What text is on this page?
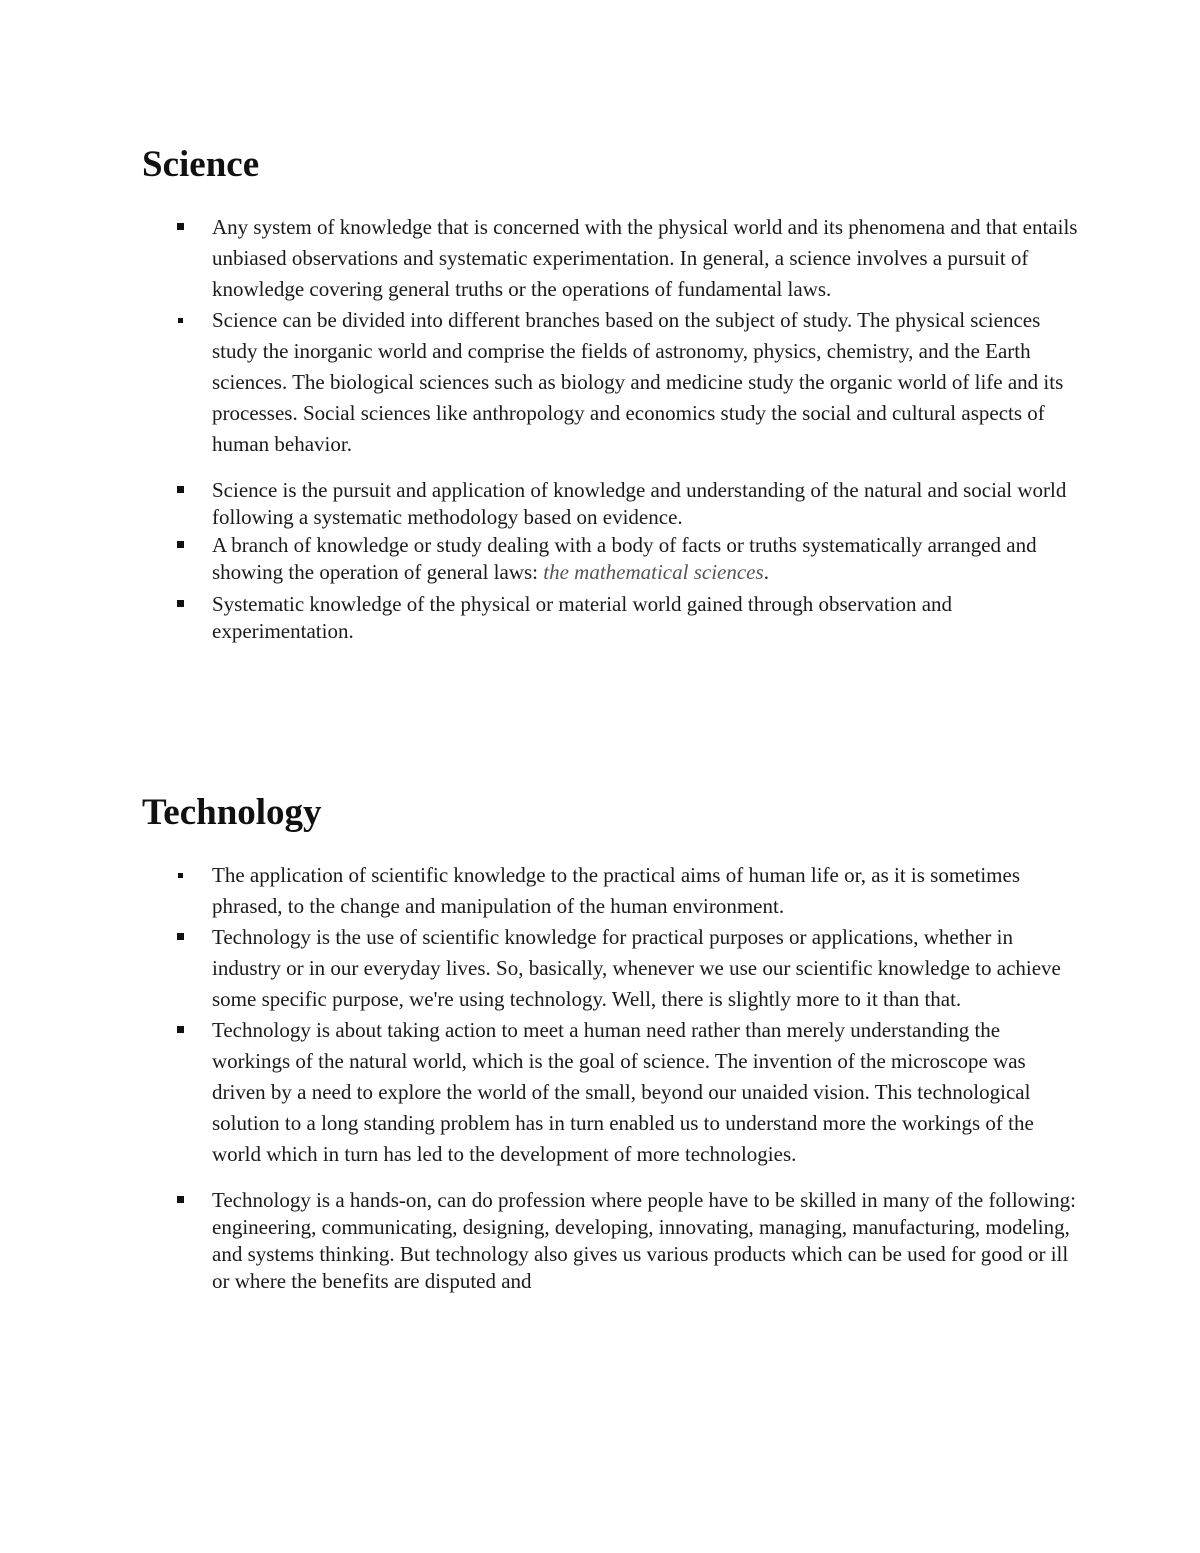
Science
Any system of knowledge that is concerned with the physical world and its phenomena and that entails unbiased observations and systematic experimentation. In general, a science involves a pursuit of knowledge covering general truths or the operations of fundamental laws.
Science can be divided into different branches based on the subject of study. The physical sciences study the inorganic world and comprise the fields of astronomy, physics, chemistry, and the Earth sciences. The biological sciences such as biology and medicine study the organic world of life and its processes. Social sciences like anthropology and economics study the social and cultural aspects of human behavior.
Science is the pursuit and application of knowledge and understanding of the natural and social world following a systematic methodology based on evidence.
A branch of knowledge or study dealing with a body of facts or truths systematically arranged and showing the operation of general laws: the mathematical sciences.
Systematic knowledge of the physical or material world gained through observation and experimentation.
Technology
The application of scientific knowledge to the practical aims of human life or, as it is sometimes phrased, to the change and manipulation of the human environment.
Technology is the use of scientific knowledge for practical purposes or applications, whether in industry or in our everyday lives. So, basically, whenever we use our scientific knowledge to achieve some specific purpose, we're using technology. Well, there is slightly more to it than that.
Technology is about taking action to meet a human need rather than merely understanding the workings of the natural world, which is the goal of science. The invention of the microscope was driven by a need to explore the world of the small, beyond our unaided vision. This technological solution to a long standing problem has in turn enabled us to understand more the workings of the world which in turn has led to the development of more technologies.
Technology is a hands-on, can do profession where people have to be skilled in many of the following: engineering, communicating, designing, developing, innovating, managing, manufacturing, modeling, and systems thinking. But technology also gives us various products which can be used for good or ill or where the benefits are disputed and
